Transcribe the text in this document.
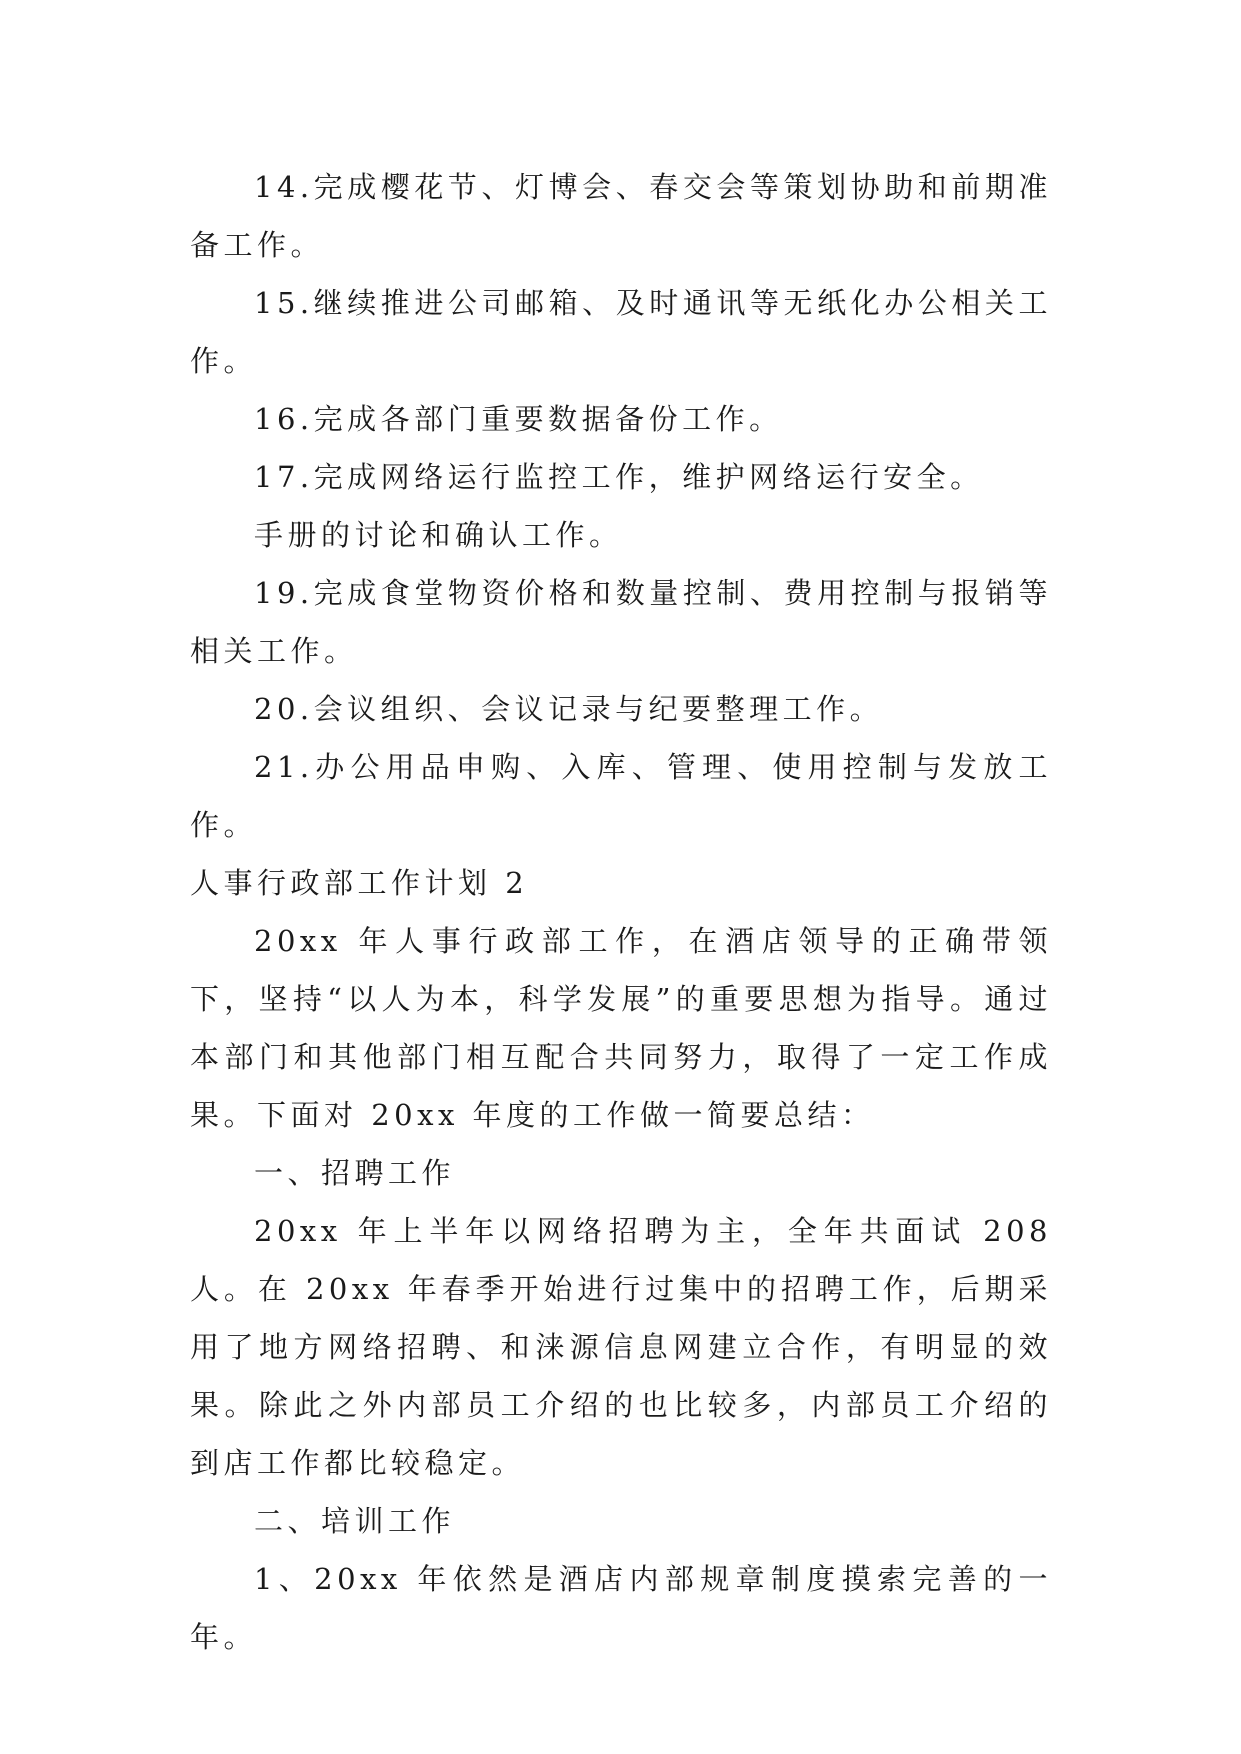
14.完成樱花节、灯博会、春交会等策划协助和前期准备工作。

15.继续推进公司邮箱、及时通讯等无纸化办公相关工作。

16.完成各部门重要数据备份工作。

17.完成网络运行监控工作，维护网络运行安全。

手册的讨论和确认工作。

19.完成食堂物资价格和数量控制、费用控制与报销等相关工作。

20.会议组织、会议记录与纪要整理工作。

21.办公用品申购、入库、管理、使用控制与发放工作。

人事行政部工作计划 2

20xx 年人事行政部工作，在酒店领导的正确带领下，坚持“以人为本，科学发展”的重要思想为指导。通过本部门和其他部门相互配合共同努力，取得了一定工作成果。下面对 20xx 年度的工作做一简要总结：

一、招聘工作

20xx 年上半年以网络招聘为主，全年共面试 208 人。在 20xx 年春季开始进行过集中的招聘工作，后期采用了地方网络招聘、和涞源信息网建立合作，有明显的效果。除此之外内部员工介绍的也比较多，内部员工介绍的到店工作都比较稳定。

二、培训工作

1、20xx 年依然是酒店内部规章制度摸索完善的一年。
